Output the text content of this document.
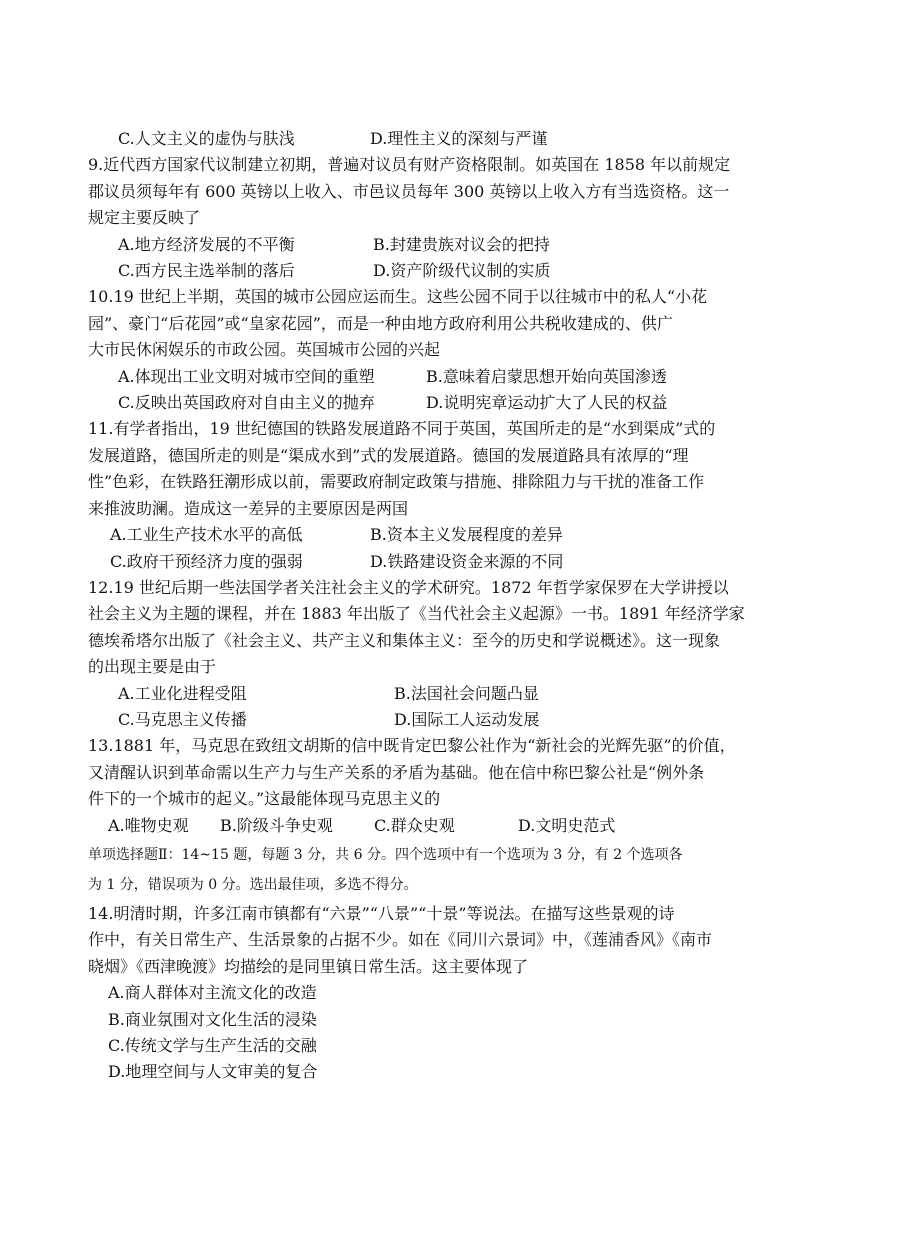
C.人文主义的虚伪与肤浅	D.理性主义的深刻与严谨
9.近代西方国家代议制建立初期，普遍对议员有财产资格限制。如英国在 1858 年以前规定
郡议员须每年有 600 英镑以上收入、市邑议员每年 300 英镑以上收入方有当选资格。这一
规定主要反映了
A.地方经济发展的不平衡	B.封建贵族对议会的把持
C.西方民主选举制的落后	D.资产阶级代议制的实质
10.19 世纪上半期，英国的城市公园应运而生。这些公园不同于以往城市中的私人“小花
园”、豪门“后花园”或“皇家花园”，而是一种由地方政府利用公共税收建成的、供广
大市民休闲娱乐的市政公园。英国城市公园的兴起
A.体现出工业文明对城市空间的重塑	B.意味着启蒙思想开始向英国渗透
C.反映出英国政府对自由主义的抛弃	D.说明宪章运动扩大了人民的权益
11.有学者指出，19 世纪德国的铁路发展道路不同于英国，英国所走的是“水到渠成”式的
发展道路，德国所走的则是“渠成水到”式的发展道路。德国的发展道路具有浓厚的“理
性”色彩，在铁路狂潮形成以前，需要政府制定政策与措施、排除阻力与干扰的准备工作
来推波助澜。造成这一差异的主要原因是两国
A.工业生产技术水平的高低	B.资本主义发展程度的差异
C.政府干预经济力度的强弱	D.铁路建设资金来源的不同
12.19 世纪后期一些法国学者关注社会主义的学术研究。1872 年哲学家保罗在大学讲授以
社会主义为主题的课程，并在 1883 年出版了《当代社会主义起源》一书。1891 年经济学家
德埃希塔尔出版了《社会主义、共产主义和集体主义：至今的历史和学说概述》。这一现象
的出现主要是由于
A.工业化进程受阻	B.法国社会问题凸显
C.马克思主义传播	D.国际工人运动发展
13.1881 年，马克思在致纽文胡斯的信中既肯定巴黎公社作为“新社会的光辉先驱”的价值，
又清醒认识到革命需以生产力与生产关系的矛盾为基础。他在信中称巴黎公社是“例外条
件下的一个城市的起义。”这最能体现马克思主义的
A.唯物史观	B.阶级斗争史观	C.群众史观	D.文明史范式
单项选择题Ⅱ：14~15 题，每题 3 分，共 6 分。四个选项中有一个选项为 3 分，有 2 个选项各
为 1 分，错误项为 0 分。选出最佳项，多选不得分。
14.明清时期，许多江南市镇都有“六景”“八景”“十景”等说法。在描写这些景观的诗
作中，有关日常生产、生活景象的占据不少。如在《同川六景词》中，《莲浦香风》《南市
晓烟》《西津晚渡》均描绘的是同里镇日常生活。这主要体现了
A.商人群体对主流文化的改造
B.商业氛围对文化生活的浸染
C.传统文学与生产生活的交融
D.地理空间与人文审美的复合
